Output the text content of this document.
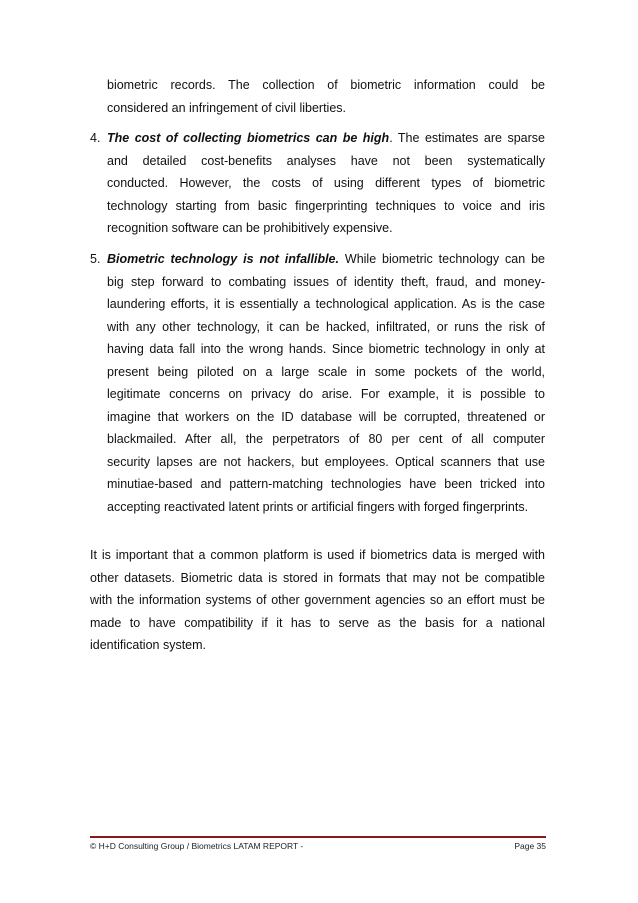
biometric records. The collection of biometric information could be
considered an infringement of civil liberties.
4. The cost of collecting biometrics can be high. The estimates are sparse
and detailed cost-benefits analyses have not been systematically
conducted. However, the costs of using different types of biometric
technology starting from basic fingerprinting techniques to voice and iris
recognition software can be prohibitively expensive.
5. Biometric technology is not infallible. While biometric technology can be
big step forward to combating issues of identity theft, fraud, and money-
laundering efforts, it is essentially a technological application. As is the case
with any other technology, it can be hacked, infiltrated, or runs the risk of
having data fall into the wrong hands. Since biometric technology in only at
present being piloted on a large scale in some pockets of the world,
legitimate concerns on privacy do arise. For example, it is possible to
imagine that workers on the ID database will be corrupted, threatened or
blackmailed. After all, the perpetrators of 80 per cent of all computer
security lapses are not hackers, but employees. Optical scanners that use
minutiae-based and pattern-matching technologies have been tricked into
accepting reactivated latent prints or artificial fingers with forged fingerprints.
It is important that a common platform is used if biometrics data is merged with
other datasets. Biometric data is stored in formats that may not be compatible
with the information systems of other government agencies so an effort must be
made to have compatibility if it has to serve as the basis for a national
identification system.
© H+D Consulting Group / Biometrics LATAM REPORT -	Page 35
